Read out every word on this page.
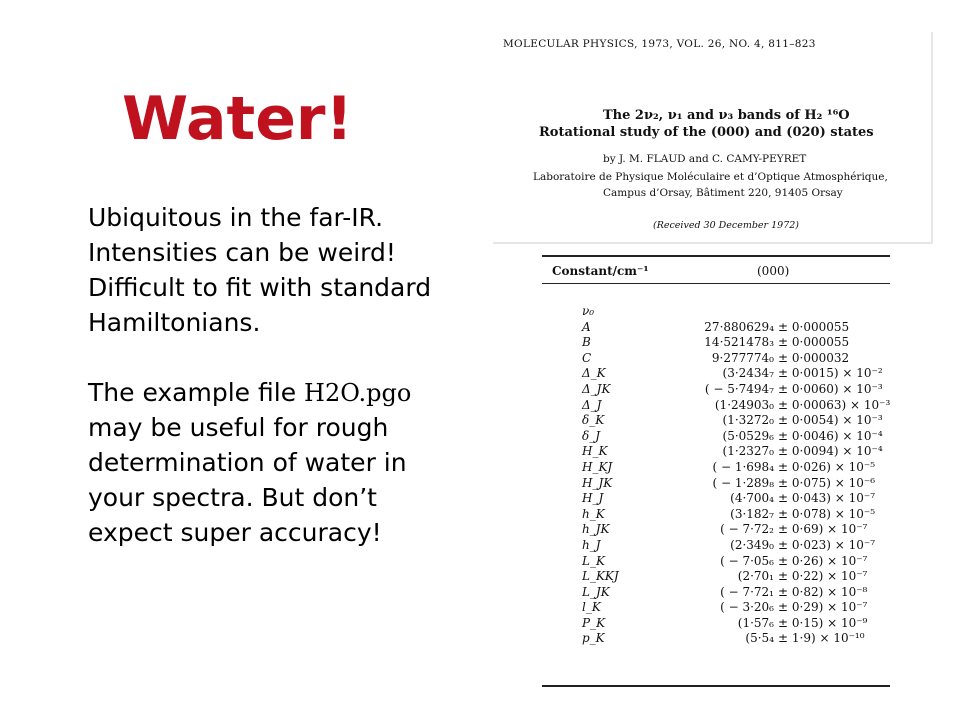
Water!
Ubiquitous in the far-IR.
Intensities can be weird!
Difficult to fit with standard
Hamiltonians.
The example file H2O.pgo
may be useful for rough
determination of water in
your spectra. But don’t
expect super accuracy!
MOLECULAR PHYSICS, 1973, VOL. 26, NO. 4, 811–823
The 2ν₂, ν₁ and ν₃ bands of H₂ ¹⁶O
Rotational study of the (000) and (020) states
by J. M. FLAUD and C. CAMY-PEYRET
Laboratoire de Physique Moléculaire et d’Optique Atmosphérique,
Campus d’Orsay, Bâtiment 220, 91405 Orsay
(Received 30 December 1972)
Constant/cm⁻¹	(000)
ν₀
A	27·880629₄ ± 0·000055
B	14·521478₃ ± 0·000055
C	9·277774₀ ± 0·000032
Δ_K	(3·2434₇ ± 0·0015) × 10⁻²
Δ_JK	( − 5·7494₇ ± 0·0060) × 10⁻³
Δ_J	(1·24903₀ ± 0·00063) × 10⁻³
δ_K	(1·3272₀ ± 0·0054) × 10⁻³
δ_J	(5·0529₆ ± 0·0046) × 10⁻⁴
H_K	(1·2327₀ ± 0·0094) × 10⁻⁴
H_KJ	( − 1·698₄ ± 0·026) × 10⁻⁵
H_JK	( − 1·289₈ ± 0·075) × 10⁻⁶
H_J	(4·700₄ ± 0·043) × 10⁻⁷
h_K	(3·182₇ ± 0·078) × 10⁻⁵
h_JK	( − 7·72₂ ± 0·69) × 10⁻⁷
h_J	(2·349₀ ± 0·023) × 10⁻⁷
L_K	( − 7·05₆ ± 0·26) × 10⁻⁷
L_KKJ	(2·70₁ ± 0·22) × 10⁻⁷
L_JK	( − 7·72₁ ± 0·82) × 10⁻⁸
l_K	( − 3·20₆ ± 0·29) × 10⁻⁷
P_K	(1·57₆ ± 0·15) × 10⁻⁹
p_K	(5·5₄ ± 1·9) × 10⁻¹⁰
